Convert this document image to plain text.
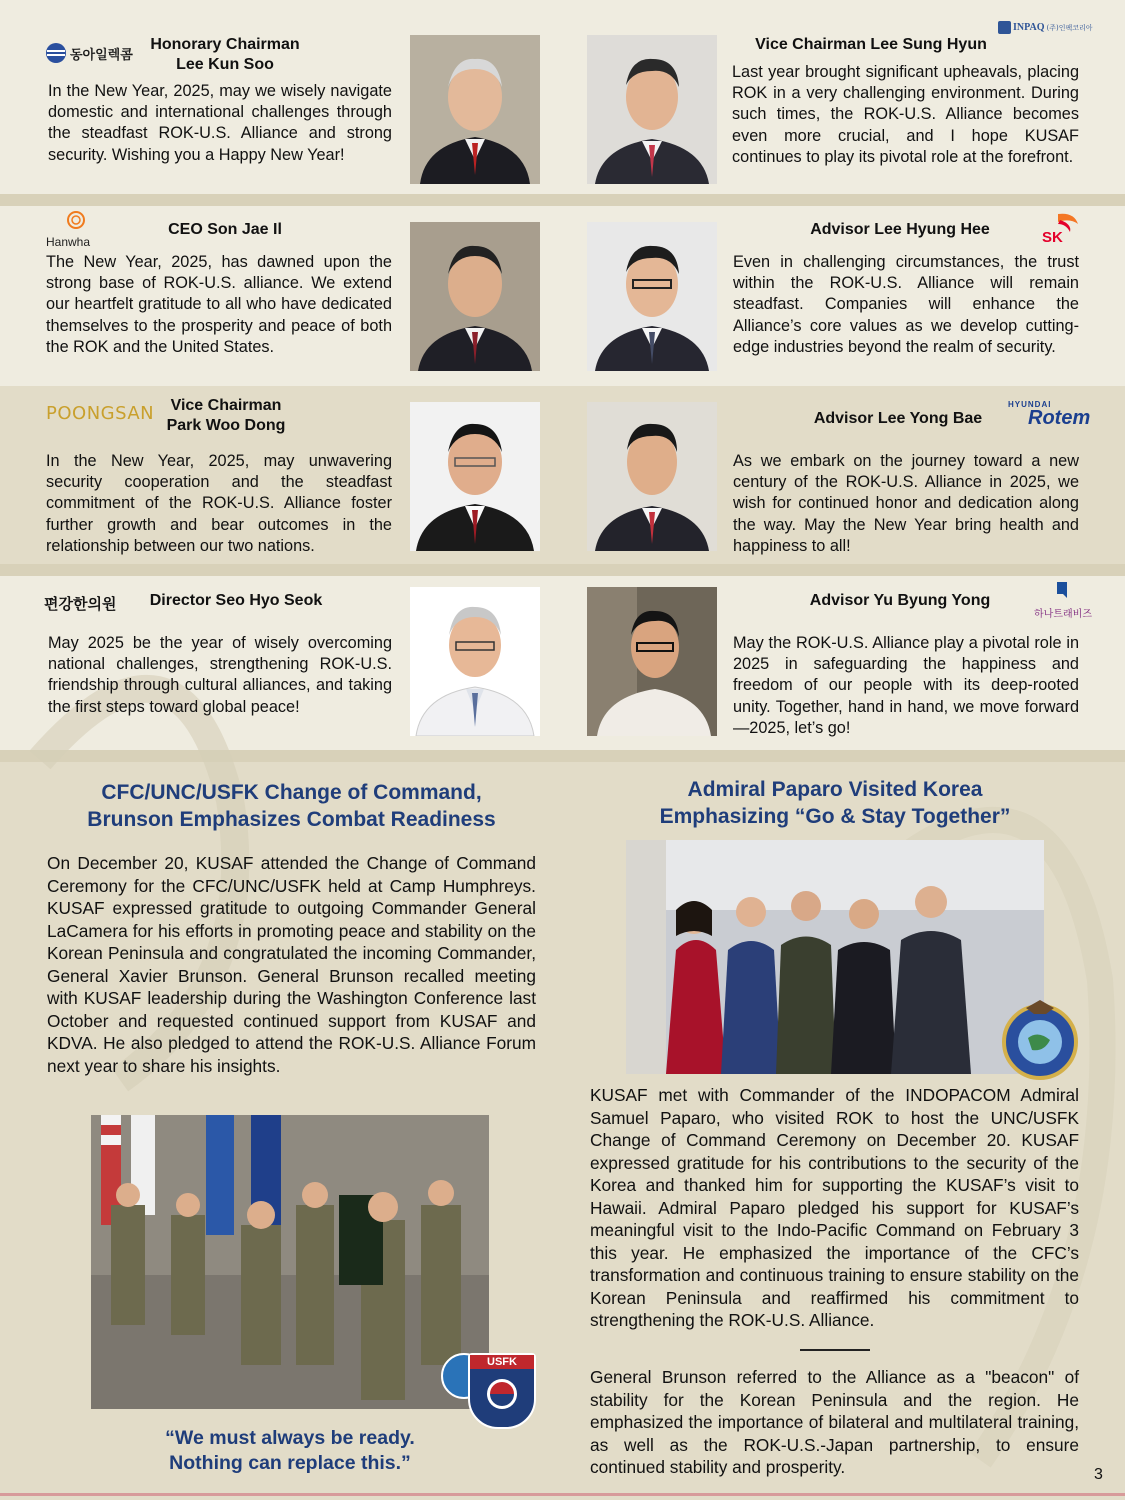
동아일렉콤
Honorary Chairman
Lee Kun Soo
In the New Year, 2025, may we wisely navigate domestic and international challenges through the steadfast ROK-U.S. Alliance and strong security. Wishing you a Happy New Year!
Vice Chairman Lee Sung Hyun
INPAQ (주)인팩코리아
Last year brought significant upheavals, placing ROK in a very challenging environment. During such times, the ROK-U.S. Alliance becomes even more crucial, and I hope KUSAF continues to play its pivotal role at the forefront.
Hanwha
CEO Son Jae Il
The New Year, 2025, has dawned upon the strong base of ROK-U.S. alliance. We extend our heartfelt gratitude to all who have dedicated themselves to the prosperity and peace of both the ROK and the United States.
Advisor Lee Hyung Hee	SK
Even in challenging circumstances, the trust within the ROK-U.S. Alliance will remain steadfast. Companies will enhance the Alliance’s core values as we develop cutting-edge industries beyond the realm of security.
POONGSAN	Vice Chairman
Park Woo Dong
In the New Year, 2025, may unwavering security cooperation and the steadfast commitment of the ROK-U.S. Alliance foster further growth and bear outcomes in the relationship between our two nations.
Advisor Lee Yong Bae
HYUNDAI
Rotem
As we embark on the journey toward a new century of the ROK-U.S. Alliance in 2025, we wish for continued honor and dedication along the way. May the New Year bring health and happiness to all!
편강한의원	Director Seo Hyo Seok
May 2025 be the year of wisely overcoming national challenges, strengthening ROK-U.S. friendship through cultural alliances, and taking the first steps toward global peace!
Advisor Yu Byung Yong
하나트래비즈
May the ROK-U.S. Alliance play a pivotal role in 2025 in safeguarding the happiness and freedom of our people with its deep-rooted unity. Together, hand in hand, we move forward—2025, let’s go!
CFC/UNC/USFK Change of Command,
Brunson Emphasizes Combat Readiness
On December 20, KUSAF attended the Change of Command Ceremony for the CFC/UNC/USFK held at Camp Humphreys. KUSAF expressed gratitude to outgoing Commander General LaCamera for his efforts in promoting peace and stability on the Korean Peninsula and congratulated the incoming Commander, General Xavier Brunson. General Brunson recalled meeting with KUSAF leadership during the Washington Conference last October and requested continued support from KUSAF and KDVA. He also pledged to attend the ROK-U.S. Alliance Forum next year to share his insights.
USFK
“We must always be ready.
Nothing can replace this.”
Admiral Paparo Visited Korea
Emphasizing “Go & Stay Together”
KUSAF met with Commander of the INDOPACOM Admiral Samuel Paparo, who visited ROK to host the UNC/USFK Change of Command Ceremony on December 20. KUSAF expressed gratitude for his contributions to the security of the Korea and thanked him for supporting the KUSAF’s visit to Hawaii. Admiral Paparo pledged his support for KUSAF’s meaningful visit to the Indo-Pacific Command on February 3 this year. He emphasized the importance of the CFC’s transformation and continuous training to ensure stability on the Korean Peninsula and reaffirmed his commitment to strengthening the ROK-U.S. Alliance.
General Brunson referred to the Alliance as a "beacon" of stability for the Korean Peninsula and the region. He emphasized the importance of bilateral and multilateral training, as well as the ROK-U.S.-Japan partnership, to ensure continued stability and prosperity.	3
